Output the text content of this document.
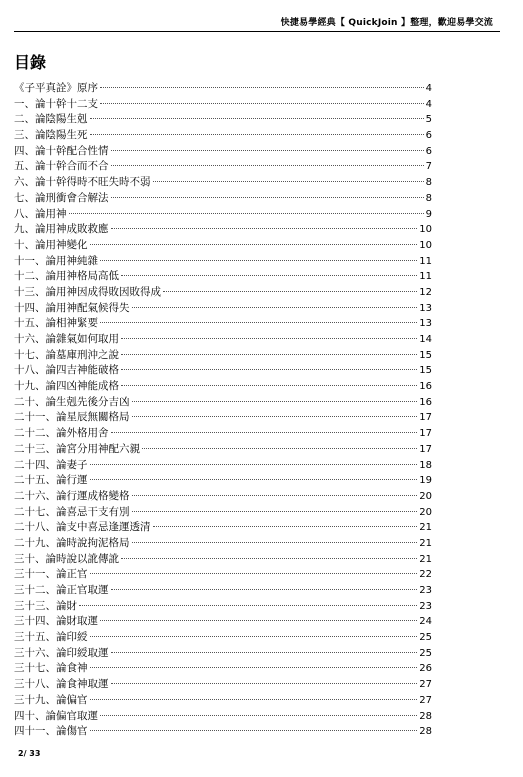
快捷易學經典【 QuickJoin 】整理，歡迎易學交流
目錄
《子平真詮》原序	4
一、論十幹十二支	4
二、論陰陽生剋	5
三、論陰陽生死	6
四、論十幹配合性情	6
五、論十幹合而不合	7
六、論十幹得時不旺失時不弱	8
七、論刑衝會合解法	8
八、論用神	9
九、論用神成敗救應	10
十、論用神變化	10
十一、論用神純雜	11
十二、論用神格局高低	11
十三、論用神因成得敗因敗得成	12
十四、論用神配氣候得失	13
十五、論相神緊要	13
十六、論雜氣如何取用	14
十七、論墓庫刑沖之說	15
十八、論四吉神能破格	15
十九、論四凶神能成格	16
二十、論生剋先後分吉凶	16
二十一、論星辰無關格局	17
二十二、論外格用舍	17
二十三、論宮分用神配六親	17
二十四、論妻子	18
二十五、論行運	19
二十六、論行運成格變格	20
二十七、論喜忌干支有別	20
二十八、論支中喜忌逢運透清	21
二十九、論時說拘泥格局	21
三十、論時說以訛傳訛	21
三十一、論正官	22
三十二、論正官取運	23
三十三、論財	23
三十四、論財取運	24
三十五、論印綬	25
三十六、論印綬取運	25
三十七、論食神	26
三十八、論食神取運	27
三十九、論偏官	27
四十、論偏官取運	28
四十一、論傷官	28
2/ 33
